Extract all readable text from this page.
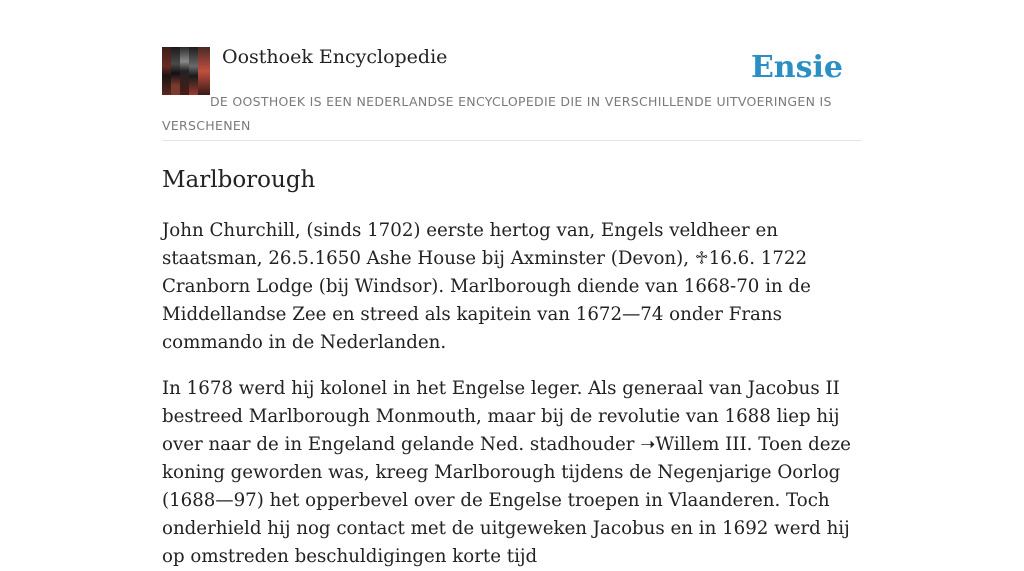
Oosthoek Encyclopedie	Ensie
DE OOSTHOEK IS EEN NEDERLANDSE ENCYCLOPEDIE DIE IN VERSCHILLENDE UITVOERINGEN IS VERSCHENEN
Marlborough

John Churchill, (sinds 1702) eerste hertog van, Engels veldheer en staatsman, 26.5.1650 Ashe House bij Axminster (Devon), ♱16.6. 1722 Cranborn Lodge (bij Windsor). Marlborough diende van 1668-70 in de Middellandse Zee en streed als kapitein van 1672—74 onder Frans commando in de Nederlanden.

In 1678 werd hij kolonel in het Engelse leger. Als generaal van Jacobus II bestreed Marlborough Monmouth, maar bij de revolutie van 1688 liep hij over naar de in Engeland gelande Ned. stadhouder ➝Willem III. Toen deze koning geworden was, kreeg Marlborough tijdens de Negenjarige Oorlog (1688—97) het opperbevel over de Engelse troepen in Vlaanderen. Toch onderhield hij nog contact met de uitgeweken Jacobus en in 1692 werd hij op omstreden beschuldigingen korte tijd
